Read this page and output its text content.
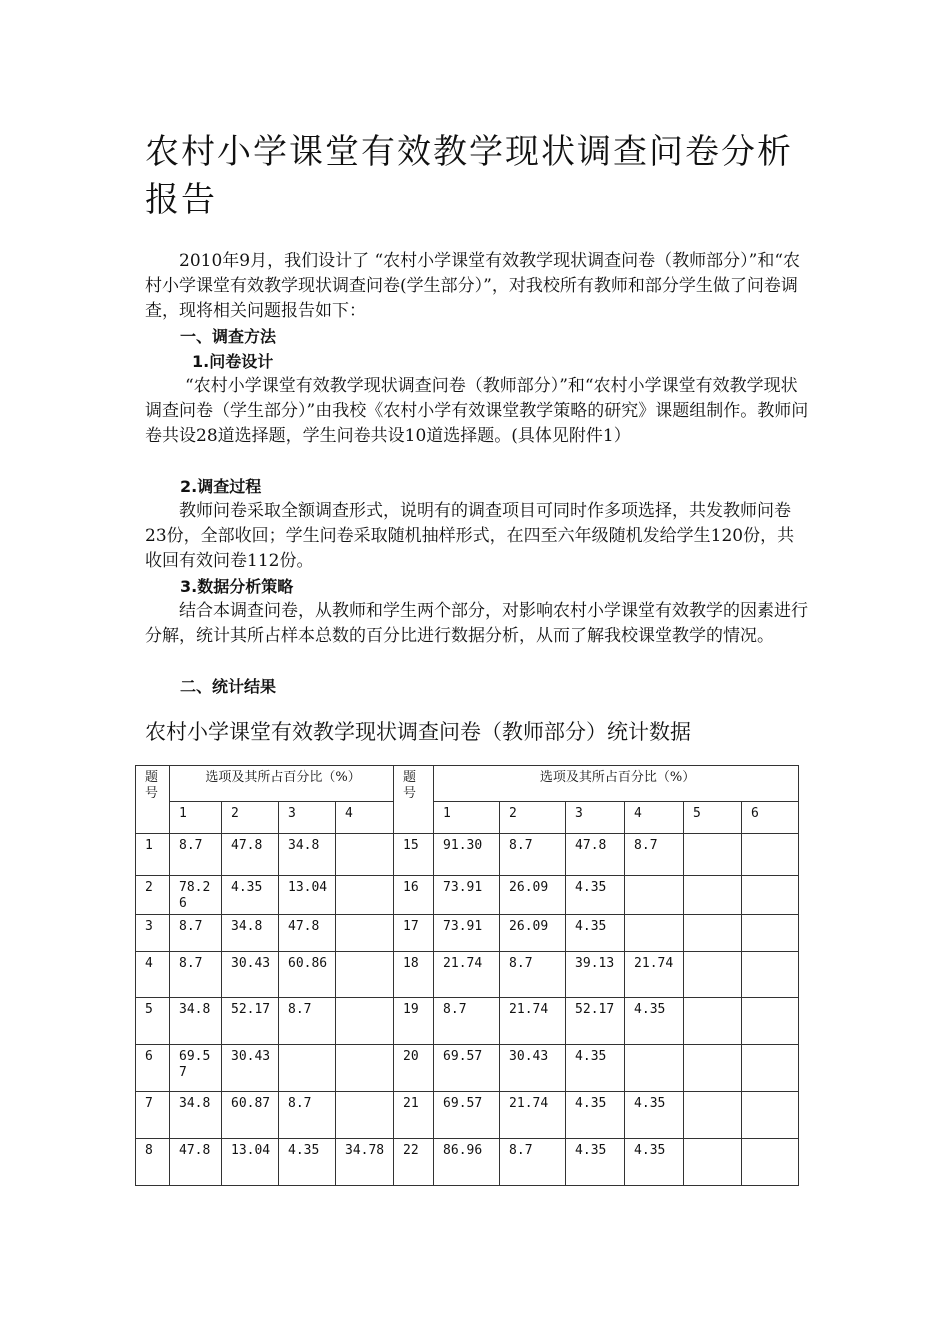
农村小学课堂有效教学现状调查问卷分析报告

2010年9月，我们设计了 “农村小学课堂有效教学现状调查问卷（教师部分）”和“农村小学课堂有效教学现状调查问卷(学生部分）”，对我校所有教师和部分学生做了问卷调查，现将相关问题报告如下：

一、调查方法

1.问卷设计

“农村小学课堂有效教学现状调查问卷（教师部分）”和“农村小学课堂有效教学现状调查问卷（学生部分）”由我校《农村小学有效课堂教学策略的研究》课题组制作。教师问卷共设28道选择题，学生问卷共设10道选择题。(具体见附件1）

2.调查过程

教师问卷采取全额调查形式，说明有的调查项目可同时作多项选择，共发教师问卷23份，全部收回；学生问卷采取随机抽样形式，在四至六年级随机发给学生120份，共收回有效问卷112份。

3.数据分析策略

结合本调查问卷，从教师和学生两个部分，对影响农村小学课堂有效教学的因素进行分解，统计其所占样本总数的百分比进行数据分析，从而了解我校课堂教学的情况。

二、统计结果

农村小学课堂有效教学现状调查问卷（教师部分）统计数据
题号	选项及其所占百分比（%）				题号	选项及其所占百分比（%）					
	1	2	3	4		1	2	3	4	5	6
1	8.7	47.8	34.8		15	91.30	8.7	47.8	8.7		
2	78.26	4.35	13.04		16	73.91	26.09	4.35			
3	8.7	34.8	47.8		17	73.91	26.09	4.35			
4	8.7	30.43	60.86		18	21.74	8.7	39.13	21.74		
5	34.8	52.17	8.7		19	8.7	21.74	52.17	4.35		
6	69.57	30.43			20	69.57	30.43	4.35			
7	34.8	60.87	8.7		21	69.57	21.74	4.35	4.35		
8	47.8	13.04	4.35	34.78	22	86.96	8.7	4.35	4.35		
